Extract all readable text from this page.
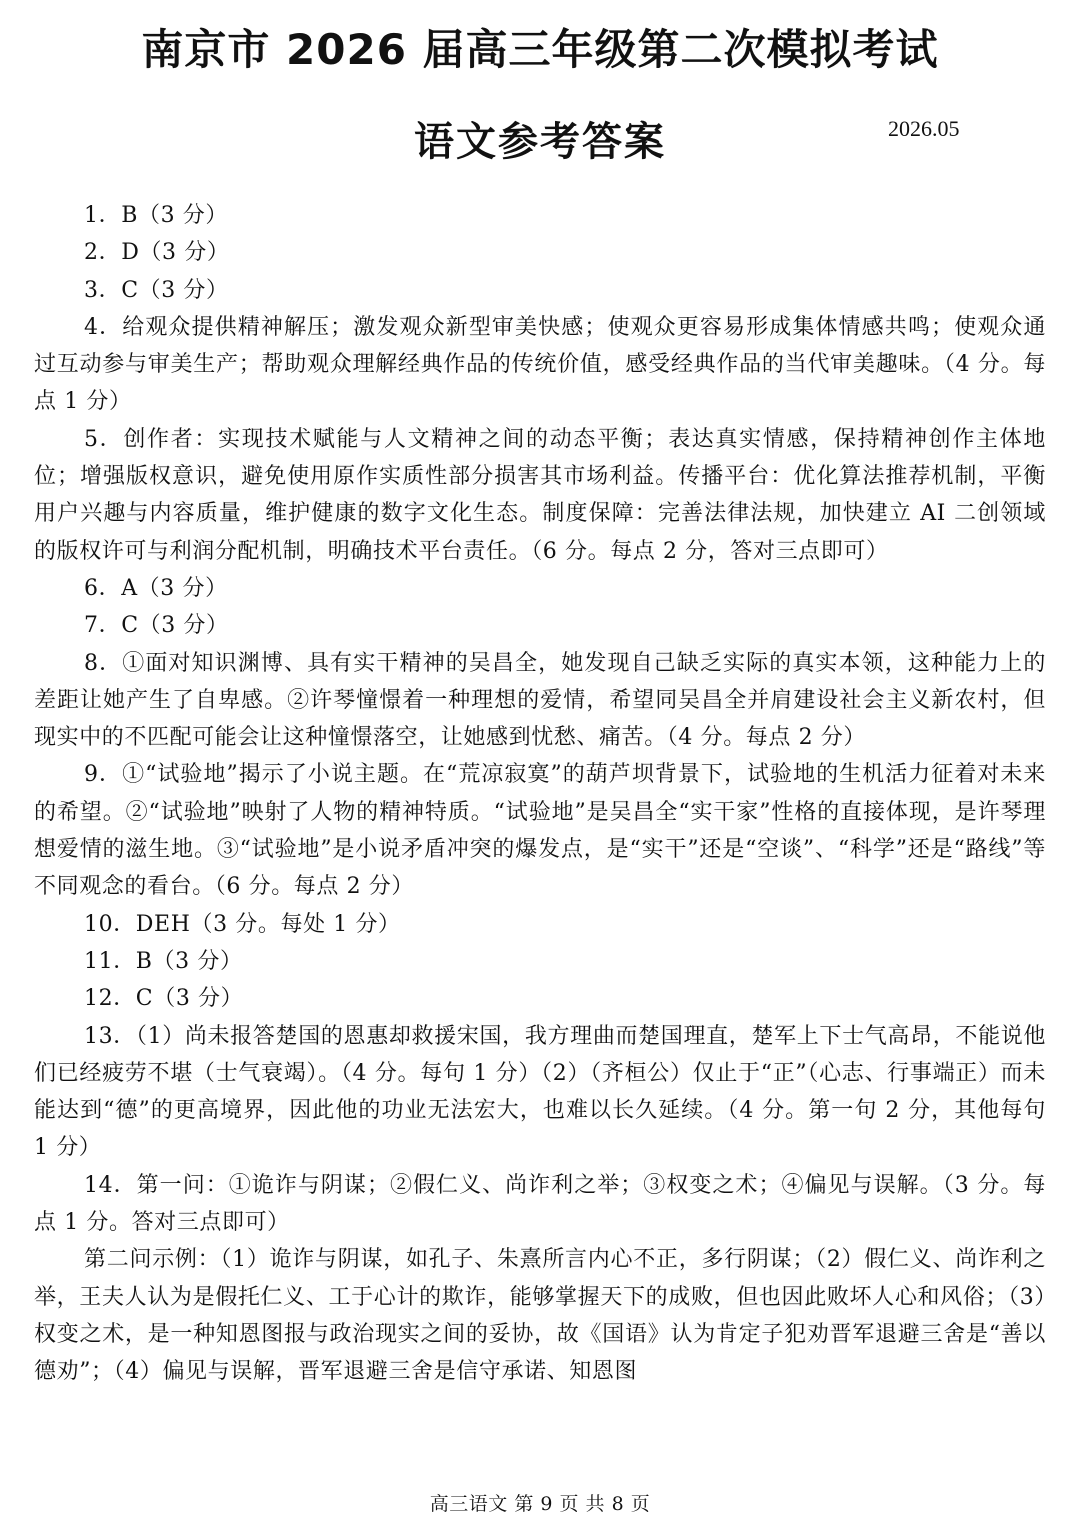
南京市 2026 届高三年级第二次模拟考试
语文参考答案	2026.05

1．B（3 分）

2．D（3 分）

3．C（3 分）

4．给观众提供精神解压；激发观众新型审美快感；使观众更容易形成集体情感共鸣；使观众通过互动参与审美生产；帮助观众理解经典作品的传统价值，感受经典作品的当代审美趣味。（4 分。每点 1 分）

5．创作者：实现技术赋能与人文精神之间的动态平衡；表达真实情感，保持精神创作主体地位；增强版权意识，避免使用原作实质性部分损害其市场利益。传播平台：优化算法推荐机制，平衡用户兴趣与内容质量，维护健康的数字文化生态。制度保障：完善法律法规，加快建立 AI 二创领域的版权许可与利润分配机制，明确技术平台责任。（6 分。每点 2 分，答对三点即可）

6．A（3 分）

7．C（3 分）

8．①面对知识渊博、具有实干精神的吴昌全，她发现自己缺乏实际的真实本领，这种能力上的差距让她产生了自卑感。②许琴憧憬着一种理想的爱情，希望同吴昌全并肩建设社会主义新农村，但现实中的不匹配可能会让这种憧憬落空，让她感到忧愁、痛苦。（4 分。每点 2 分）

9．①“试验地”揭示了小说主题。在“荒凉寂寞”的葫芦坝背景下，试验地的生机活力征着对未来的希望。②“试验地”映射了人物的精神特质。“试验地”是吴昌全“实干家”性格的直接体现，是许琴理想爱情的滋生地。③“试验地”是小说矛盾冲突的爆发点，是“实干”还是“空谈”、“科学”还是“路线”等不同观念的看台。（6 分。每点 2 分）

10．DEH（3 分。每处 1 分）

11．B（3 分）

12．C（3 分）

13．（1）尚未报答楚国的恩惠却救援宋国，我方理曲而楚国理直，楚军上下士气高昂，不能说他们已经疲劳不堪（士气衰竭）。（4 分。每句 1 分）（2）（齐桓公）仅止于“正”（心志、行事端正）而未能达到“德”的更高境界，因此他的功业无法宏大，也难以长久延续。（4 分。第一句 2 分，其他每句 1 分）

14．第一问：①诡诈与阴谋；②假仁义、尚诈利之举；③权变之术；④偏见与误解。（3 分。每点 1 分。答对三点即可）

第二问示例：（1）诡诈与阴谋，如孔子、朱熹所言内心不正，多行阴谋；（2）假仁义、尚诈利之举，王夫人认为是假托仁义、工于心计的欺诈，能够掌握天下的成败，但也因此败坏人心和风俗；（3）权变之术，是一种知恩图报与政治现实之间的妥协，故《国语》认为肯定子犯劝晋军退避三舍是“善以德劝”；（4）偏见与误解，晋军退避三舍是信守承诺、知恩图

高三语文 第 9 页 共 8 页
